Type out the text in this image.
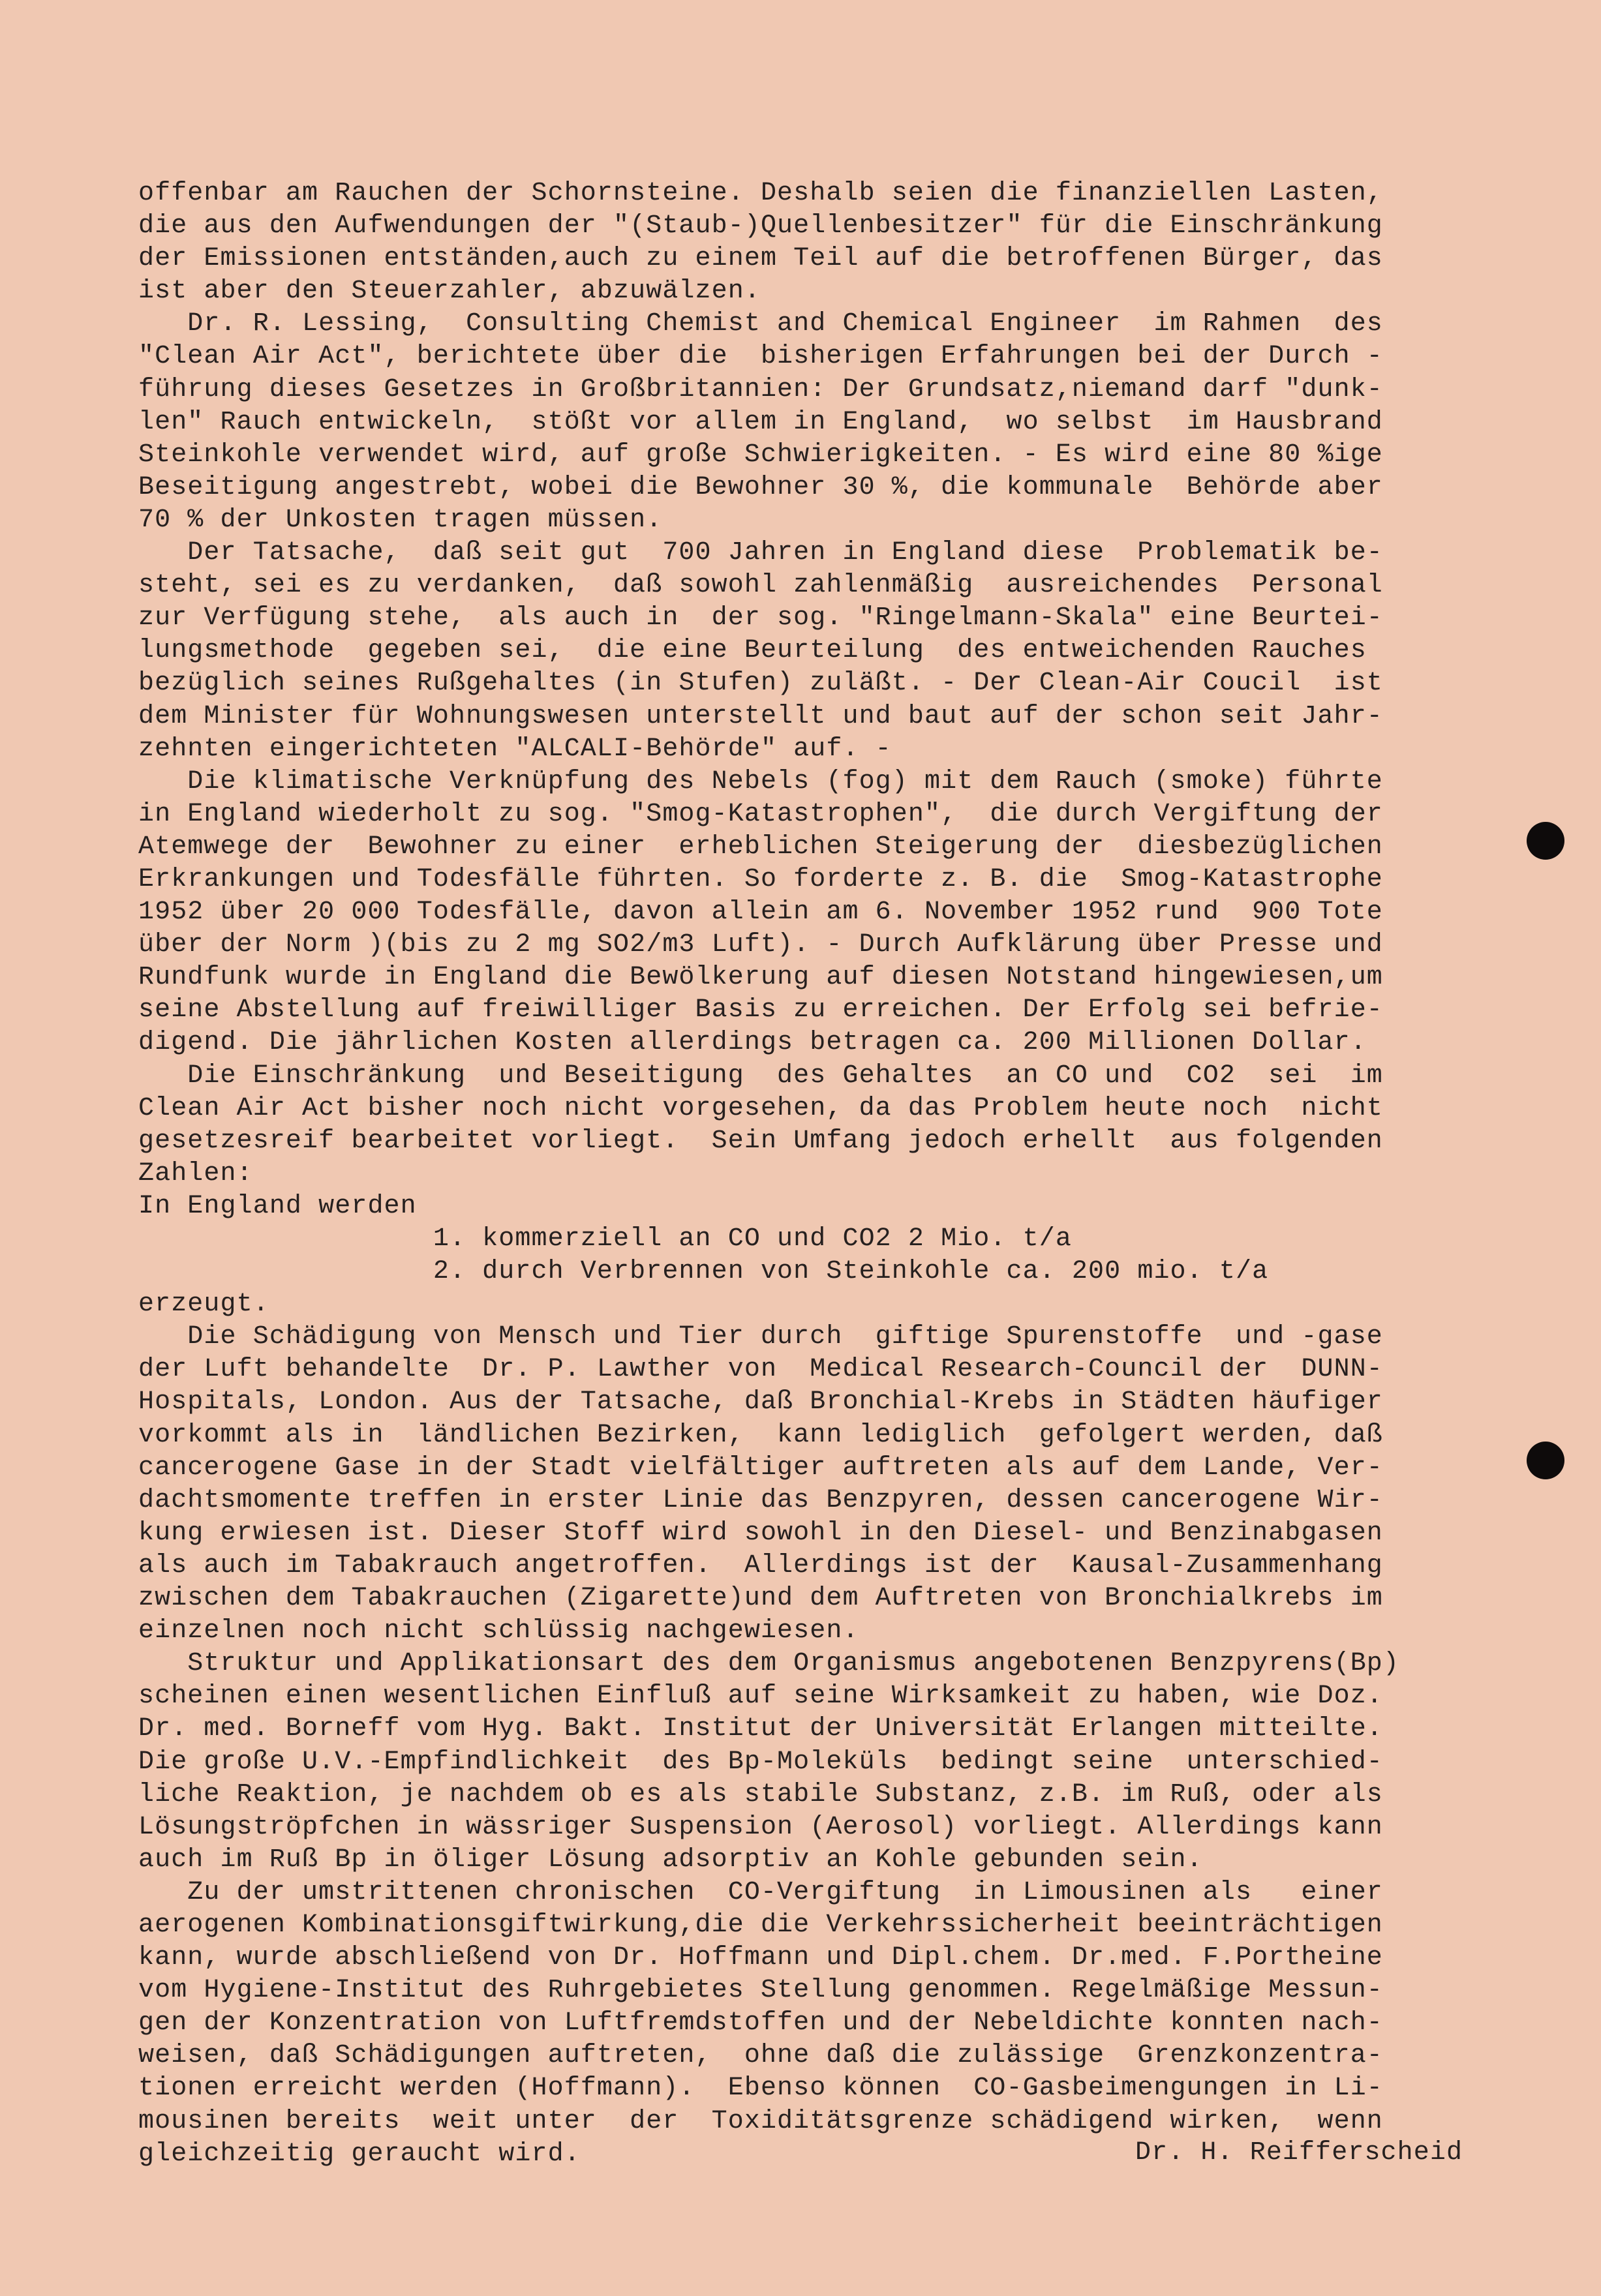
offenbar am Rauchen der Schornsteine. Deshalb seien die finanziellen Lasten,
die aus den Aufwendungen der "(Staub-)Quellenbesitzer" für die Einschränkung
der Emissionen entständen,auch zu einem Teil auf die betroffenen Bürger, das
ist aber den Steuerzahler, abzuwälzen.
Dr. R. Lessing,  Consulting Chemist and Chemical Engineer  im Rahmen  des
"Clean Air Act", berichtete über die  bisherigen Erfahrungen bei der Durch -
führung dieses Gesetzes in Großbritannien: Der Grundsatz,niemand darf "dunk-
len" Rauch entwickeln,  stößt vor allem in England,  wo selbst  im Hausbrand
Steinkohle verwendet wird, auf große Schwierigkeiten. - Es wird eine 80 %ige
Beseitigung angestrebt, wobei die Bewohner 30 %, die kommunale  Behörde aber
70 % der Unkosten tragen müssen.
Der Tatsache,  daß seit gut  700 Jahren in England diese  Problematik be-
steht, sei es zu verdanken,  daß sowohl zahlenmäßig  ausreichendes  Personal
zur Verfügung stehe,  als auch in  der sog. "Ringelmann-Skala" eine Beurtei-
lungsmethode  gegeben sei,  die eine Beurteilung  des entweichenden Rauches
bezüglich seines Rußgehaltes (in Stufen) zuläßt. - Der Clean-Air Coucil  ist
dem Minister für Wohnungswesen unterstellt und baut auf der schon seit Jahr-
zehnten eingerichteten "ALCALI-Behörde" auf. -
Die klimatische Verknüpfung des Nebels (fog) mit dem Rauch (smoke) führte
in England wiederholt zu sog. "Smog-Katastrophen",  die durch Vergiftung der
Atemwege der  Bewohner zu einer  erheblichen Steigerung der  diesbezüglichen
Erkrankungen und Todesfälle führten. So forderte z. B. die  Smog-Katastrophe
1952 über 20 000 Todesfälle, davon allein am 6. November 1952 rund  900 Tote
über der Norm )(bis zu 2 mg SO2/m3 Luft). - Durch Aufklärung über Presse und
Rundfunk wurde in England die Bewölkerung auf diesen Notstand hingewiesen,um
seine Abstellung auf freiwilliger Basis zu erreichen. Der Erfolg sei befrie-
digend. Die jährlichen Kosten allerdings betragen ca. 200 Millionen Dollar.
Die Einschränkung  und Beseitigung  des Gehaltes  an CO und  CO2  sei  im
Clean Air Act bisher noch nicht vorgesehen, da das Problem heute noch  nicht
gesetzesreif bearbeitet vorliegt.  Sein Umfang jedoch erhellt  aus folgenden
Zahlen:
In England werden
1. kommerziell an CO und CO2 2 Mio. t/a
2. durch Verbrennen von Steinkohle ca. 200 mio. t/a
erzeugt.
Die Schädigung von Mensch und Tier durch  giftige Spurenstoffe  und -gase
der Luft behandelte  Dr. P. Lawther von  Medical Research-Council der  DUNN-
Hospitals, London. Aus der Tatsache, daß Bronchial-Krebs in Städten häufiger
vorkommt als in  ländlichen Bezirken,  kann lediglich  gefolgert werden, daß
cancerogene Gase in der Stadt vielfältiger auftreten als auf dem Lande, Ver-
dachtsmomente treffen in erster Linie das Benzpyren, dessen cancerogene Wir-
kung erwiesen ist. Dieser Stoff wird sowohl in den Diesel- und Benzinabgasen
als auch im Tabakrauch angetroffen.  Allerdings ist der  Kausal-Zusammenhang
zwischen dem Tabakrauchen (Zigarette)und dem Auftreten von Bronchialkrebs im
einzelnen noch nicht schlüssig nachgewiesen.
Struktur und Applikationsart des dem Organismus angebotenen Benzpyrens(Bp)
scheinen einen wesentlichen Einfluß auf seine Wirksamkeit zu haben, wie Doz.
Dr. med. Borneff vom Hyg. Bakt. Institut der Universität Erlangen mitteilte.
Die große U.V.-Empfindlichkeit  des Bp-Moleküls  bedingt seine  unterschied-
liche Reaktion, je nachdem ob es als stabile Substanz, z.B. im Ruß, oder als
Lösungströpfchen in wässriger Suspension (Aerosol) vorliegt. Allerdings kann
auch im Ruß Bp in öliger Lösung adsorptiv an Kohle gebunden sein.
Zu der umstrittenen chronischen  CO-Vergiftung  in Limousinen als   einer
aerogenen Kombinationsgiftwirkung,die die Verkehrssicherheit beeinträchtigen
kann, wurde abschließend von Dr. Hoffmann und Dipl.chem. Dr.med. F.Portheine
vom Hygiene-Institut des Ruhrgebietes Stellung genommen. Regelmäßige Messun-
gen der Konzentration von Luftfremdstoffen und der Nebeldichte konnten nach-
weisen, daß Schädigungen auftreten,  ohne daß die zulässige  Grenzkonzentra-
tionen erreicht werden (Hoffmann).  Ebenso können  CO-Gasbeimengungen in Li-
mousinen bereits  weit unter  der  Toxiditätsgrenze schädigend wirken,  wenn
gleichzeitig geraucht wird.	Dr. H. Reifferscheid
